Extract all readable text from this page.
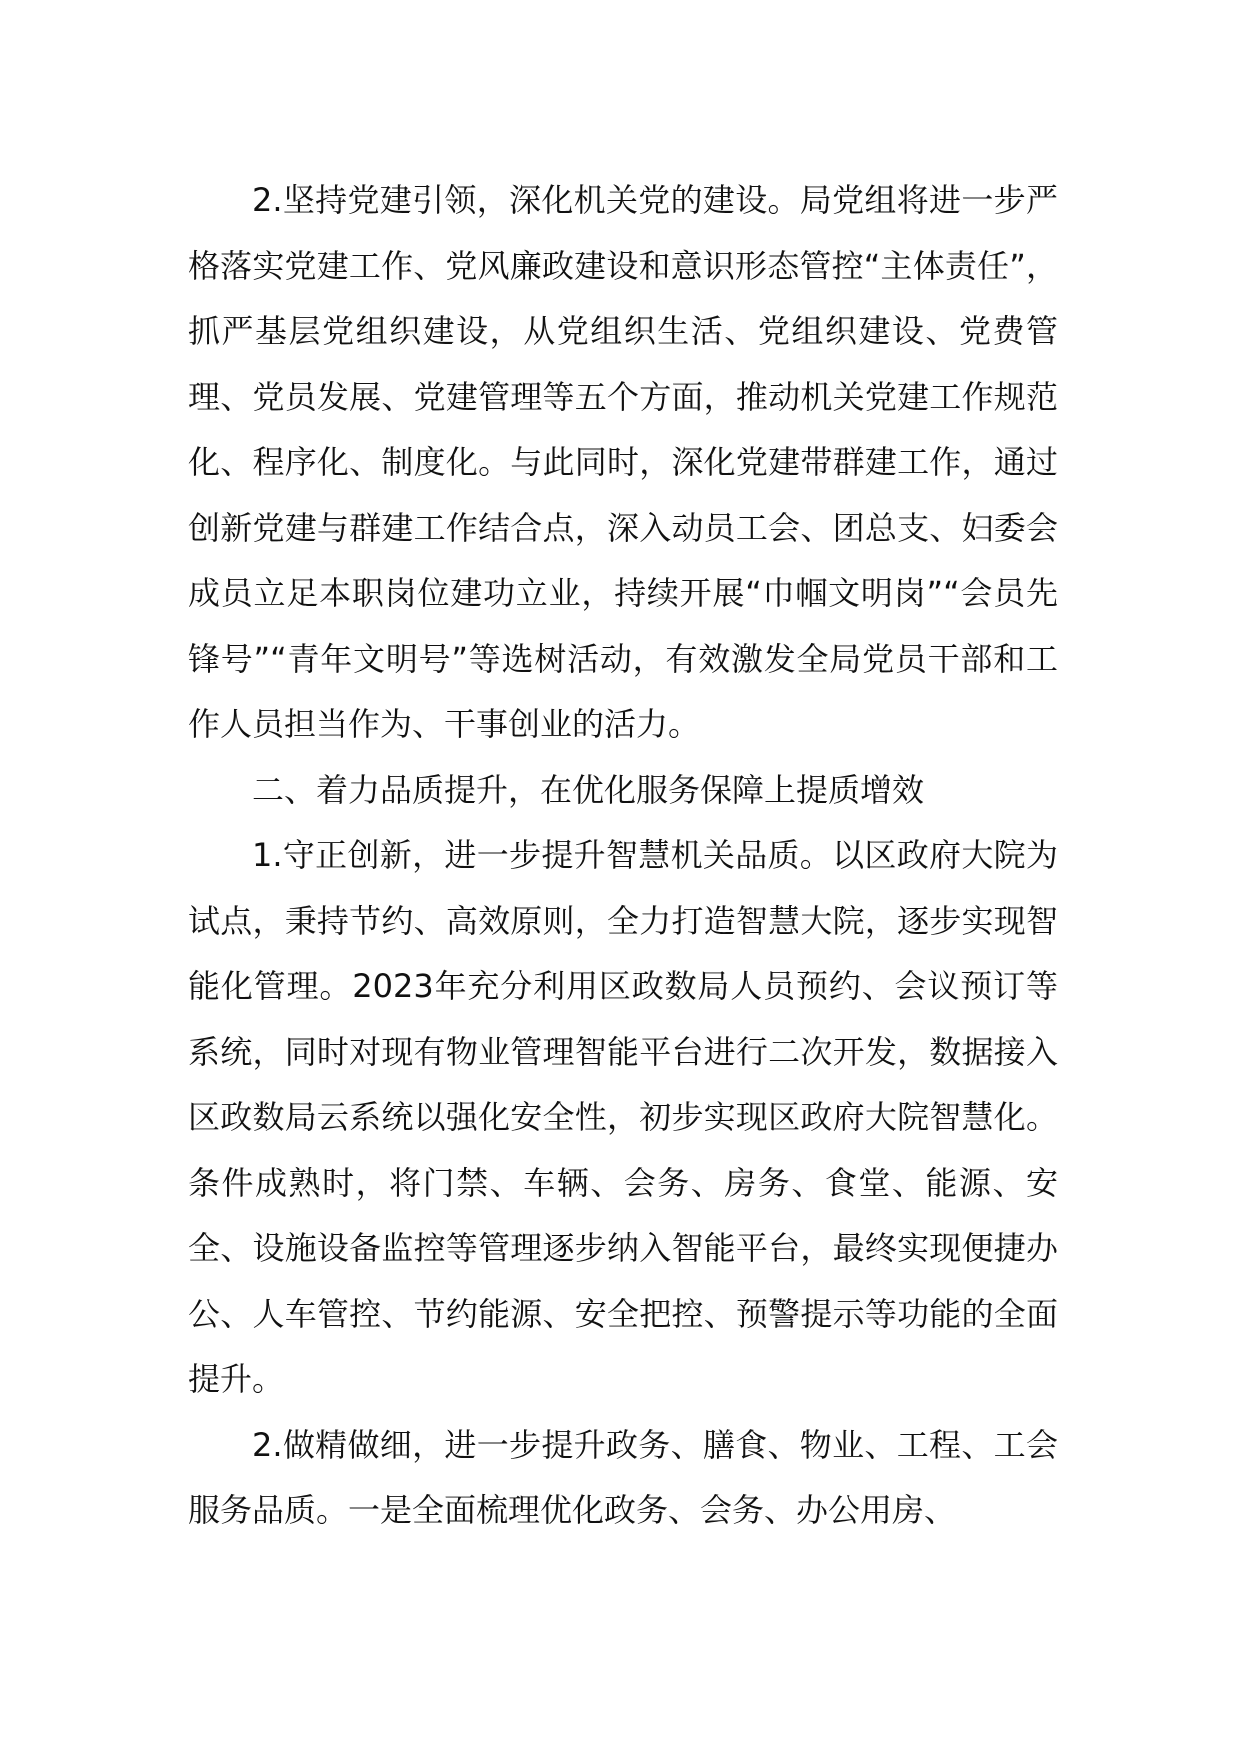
2.坚持党建引领，深化机关党的建设。局党组将进一步严格落实党建工作、党风廉政建设和意识形态管控“主体责任”，抓严基层党组织建设，从党组织生活、党组织建设、党费管理、党员发展、党建管理等五个方面，推动机关党建工作规范化、程序化、制度化。与此同时，深化党建带群建工作，通过创新党建与群建工作结合点，深入动员工会、团总支、妇委会成员立足本职岗位建功立业，持续开展“巾帼文明岗”“会员先锋号”“青年文明号”等选树活动，有效激发全局党员干部和工作人员担当作为、干事创业的活力。

二、着力品质提升，在优化服务保障上提质增效

1.守正创新，进一步提升智慧机关品质。以区政府大院为试点，秉持节约、高效原则，全力打造智慧大院，逐步实现智能化管理。2023年充分利用区政数局人员预约、会议预订等系统，同时对现有物业管理智能平台进行二次开发，数据接入区政数局云系统以强化安全性，初步实现区政府大院智慧化。条件成熟时，将门禁、车辆、会务、房务、食堂、能源、安全、设施设备监控等管理逐步纳入智能平台，最终实现便捷办公、人车管控、节约能源、安全把控、预警提示等功能的全面提升。

2.做精做细，进一步提升政务、膳食、物业、工程、工会服务品质。一是全面梳理优化政务、会务、办公用房、
